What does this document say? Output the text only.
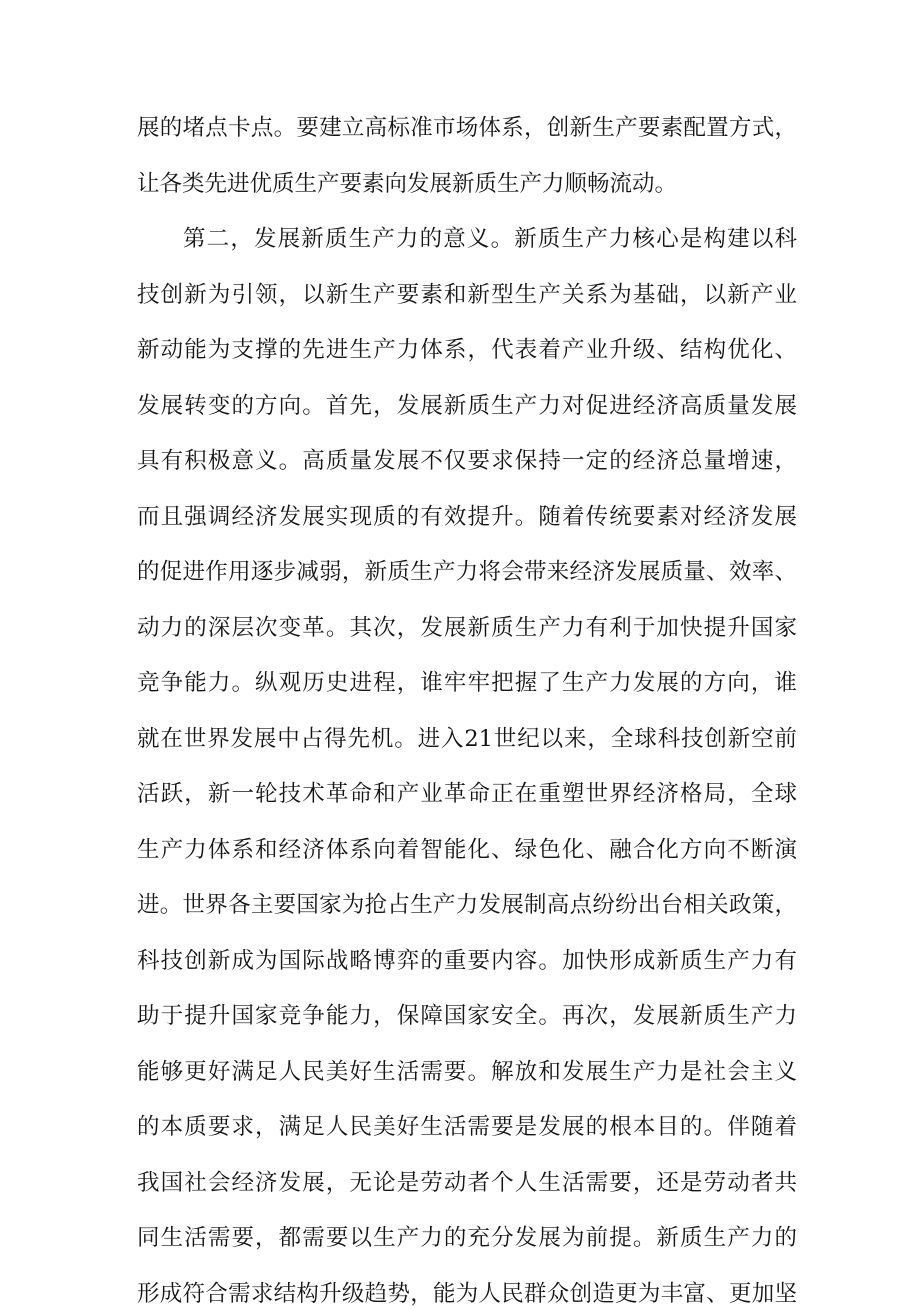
展的堵点卡点。要建立高标准市场体系，创新生产要素配置方式，
让各类先进优质生产要素向发展新质生产力顺畅流动。
第二，发展新质生产力的意义。新质生产力核心是构建以科
技创新为引领，以新生产要素和新型生产关系为基础，以新产业
新动能为支撑的先进生产力体系，代表着产业升级、结构优化、
发展转变的方向。首先，发展新质生产力对促进经济高质量发展
具有积极意义。高质量发展不仅要求保持一定的经济总量增速，
而且强调经济发展实现质的有效提升。随着传统要素对经济发展
的促进作用逐步减弱，新质生产力将会带来经济发展质量、效率、
动力的深层次变革。其次，发展新质生产力有利于加快提升国家
竞争能力。纵观历史进程，谁牢牢把握了生产力发展的方向，谁
就在世界发展中占得先机。进入21世纪以来，全球科技创新空前
活跃，新一轮技术革命和产业革命正在重塑世界经济格局，全球
生产力体系和经济体系向着智能化、绿色化、融合化方向不断演
进。世界各主要国家为抢占生产力发展制高点纷纷出台相关政策，
科技创新成为国际战略博弈的重要内容。加快形成新质生产力有
助于提升国家竞争能力，保障国家安全。再次，发展新质生产力
能够更好满足人民美好生活需要。解放和发展生产力是社会主义
的本质要求，满足人民美好生活需要是发展的根本目的。伴随着
我国社会经济发展，无论是劳动者个人生活需要，还是劳动者共
同生活需要，都需要以生产力的充分发展为前提。新质生产力的
形成符合需求结构升级趋势，能为人民群众创造更为丰富、更加坚
